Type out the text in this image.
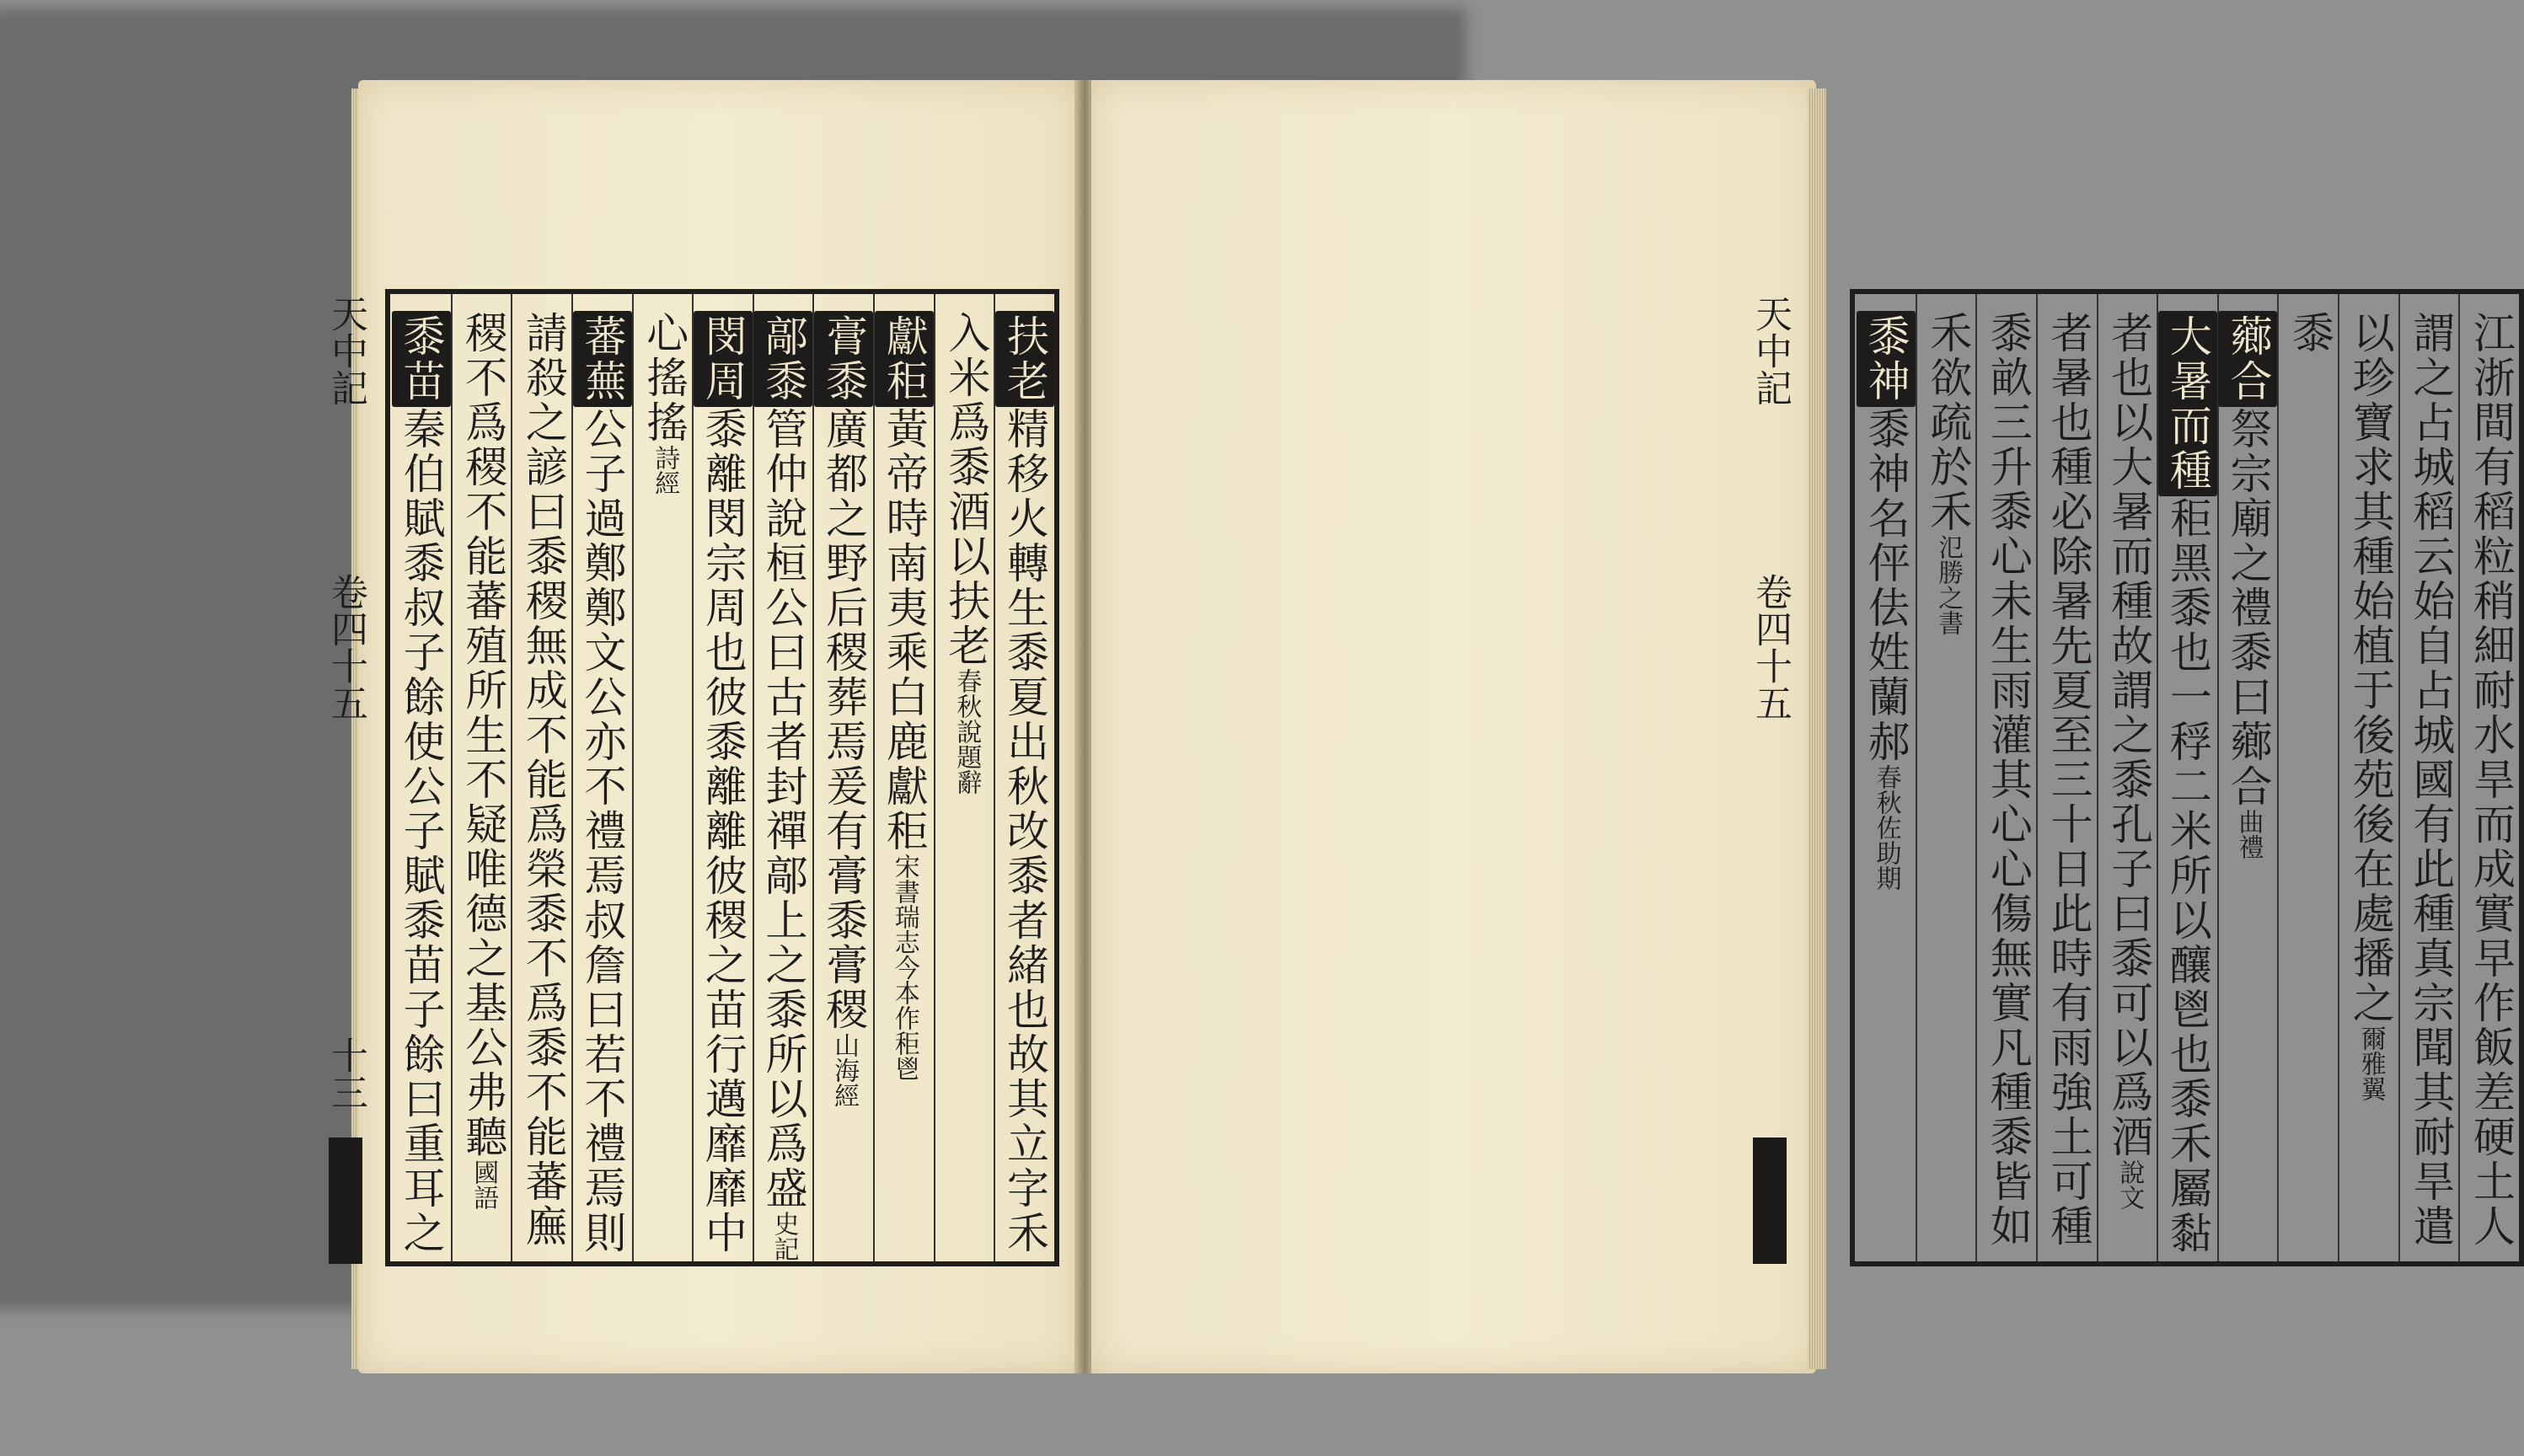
扶老精移火轉生黍夏出秋改黍者緒也故其立字禾
入米爲黍酒以扶老春秋說題辭
獻秬黃帝時南夷乘白鹿獻秬宋書瑞志今本作秬鬯
膏黍廣都之野后稷葬焉爰有膏黍膏稷山海經
鄗黍管仲說桓公曰古者封禪鄗上之黍所以爲盛史記
閔周黍離閔宗周也彼黍離離彼稷之苗行邁靡靡中
心搖搖詩經
蕃蕪公子過鄭鄭文公亦不禮焉叔詹曰若不禮焉則
請殺之諺曰黍稷無成不能爲榮黍不爲黍不能蕃廡
稷不爲稷不能蕃殖所生不疑唯德之基公弗聽國語
黍苗秦伯賦黍叔子餘使公子賦黍苗子餘曰重耳之	江浙間有稻粒稍細耐水旱而成實早作飯差硬土人
謂之占城稻云始自占城國有此種真宗聞其耐旱遣
以珍寶求其種始植于後苑後在處播之爾雅翼
黍
薌合祭宗廟之禮黍曰薌合曲禮
大暑而種秬黑黍也一稃二米所以釀鬯也黍禾屬黏
者也以大暑而種故謂之黍孔子曰黍可以爲酒說文
者暑也種必除暑先夏至三十日此時有雨強土可種
黍畝三升黍心未生雨灌其心心傷無實凡種黍皆如
禾欲疏於禾氾勝之書
黍神黍神名伻佉姓蘭郝春秋佐助期
天中記
卷四十五
十三
天中記
卷四十五
